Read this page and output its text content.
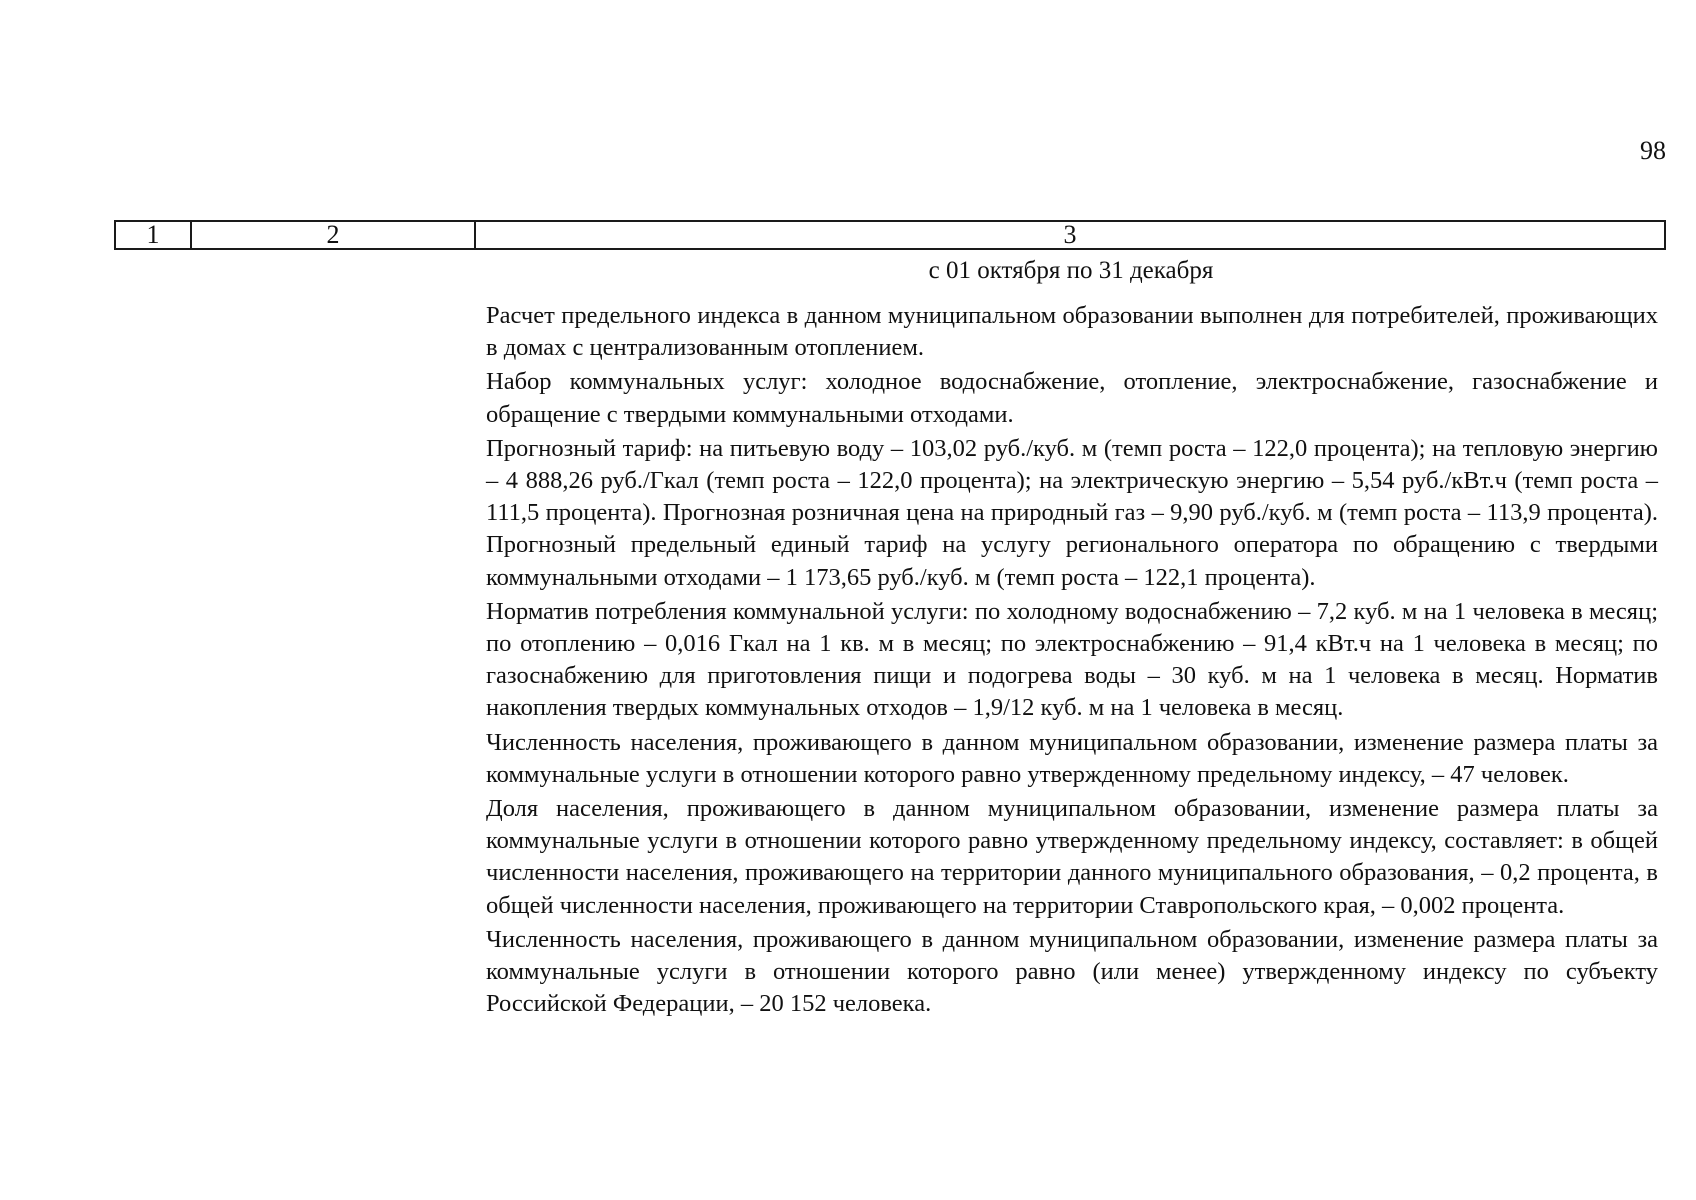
98
1	2	3
с 01 октября по 31 декабря

Расчет предельного индекса в данном муниципальном образовании выполнен для потребителей, проживающих в домах с централизованным отоплением.

Набор коммунальных услуг: холодное водоснабжение, отопление, электроснабжение, газоснабжение и обращение с твердыми коммунальными отходами.

Прогнозный тариф: на питьевую воду – 103,02 руб./куб. м (темп роста – 122,0 процента); на тепловую энергию – 4 888,26 руб./Гкал (темп роста – 122,0 процента); на электрическую энергию – 5,54 руб./кВт.ч (темп роста – 111,5 процента). Прогнозная розничная цена на природный газ – 9,90 руб./куб. м (темп роста – 113,9 процента). Прогнозный предельный единый тариф на услугу регионального оператора по обращению с твердыми коммунальными отходами – 1 173,65 руб./куб. м (темп роста – 122,1 процента).

Норматив потребления коммунальной услуги: по холодному водоснабжению – 7,2 куб. м на 1 человека в месяц; по отоплению – 0,016 Гкал на 1 кв. м в месяц; по электроснабжению – 91,4 кВт.ч на 1 человека в месяц; по газоснабжению для приготовления пищи и подогрева воды – 30 куб. м на 1 человека в месяц. Норматив накопления твердых коммунальных отходов – 1,9/12 куб. м на 1 человека в месяц.

Численность населения, проживающего в данном муниципальном образовании, изменение размера платы за коммунальные услуги в отношении которого равно утвержденному предельному индексу, – 47 человек.

Доля населения, проживающего в данном муниципальном образовании, изменение размера платы за коммунальные услуги в отношении которого равно утвержденному предельному индексу, составляет: в общей численности населения, проживающего на территории данного муниципального образования, – 0,2 процента, в общей численности населения, проживающего на территории Ставропольского края, – 0,002 процента.

Численность населения, проживающего в данном муниципальном образовании, изменение размера платы за коммунальные услуги в отношении которого равно (или менее) утвержденному индексу по субъекту Российской Федерации, – 20 152 человека.
